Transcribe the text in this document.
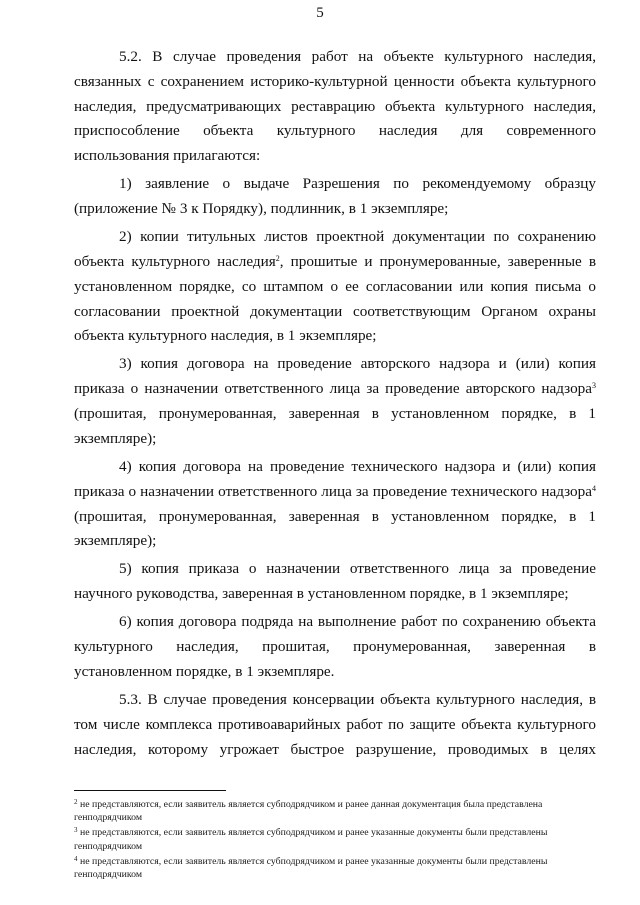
5

5.2. В случае проведения работ на объекте культурного наследия, связанных с сохранением историко-культурной ценности объекта культурного наследия, предусматривающих реставрацию объекта культурного наследия, приспособление объекта культурного наследия для современного использования прилагаются:

1) заявление о выдаче Разрешения по рекомендуемому образцу (приложение № 3 к Порядку), подлинник, в 1 экземпляре;

2) копии титульных листов проектной документации по сохранению объекта культурного наследия$^2$, прошитые и пронумерованные, заверенные в установленном порядке, со штампом о ее согласовании или копия письма о согласовании проектной документации соответствующим Органом охраны объекта культурного наследия, в 1 экземпляре;

3) копия договора на проведение авторского надзора и (или) копия приказа о назначении ответственного лица за проведение авторского надзора$^3$ (прошитая, пронумерованная, заверенная в установленном порядке, в 1 экземпляре);

4) копия договора на проведение технического надзора и (или) копия приказа о назначении ответственного лица за проведение технического надзора$^4$ (прошитая, пронумерованная, заверенная в установленном порядке, в 1 экземпляре);

5) копия приказа о назначении ответственного лица за проведение научного руководства, заверенная в установленном порядке, в 1 экземпляре;

6) копия договора подряда на выполнение работ по сохранению объекта культурного наследия, прошитая, пронумерованная, заверенная в установленном порядке, в 1 экземпляре.

5.3. В случае проведения консервации объекта культурного наследия, в том числе комплекса противоаварийных работ по защите объекта культурного наследия, которому угрожает быстрое разрушение, проводимых в целях

$^2$ не представляются, если заявитель является субподрядчиком и ранее данная документация была представлена генподрядчиком

$^3$ не представляются, если заявитель является субподрядчиком и ранее указанные документы были представлены генподрядчиком

$^4$ не представляются, если заявитель является субподрядчиком и ранее указанные документы были представлены генподрядчиком
